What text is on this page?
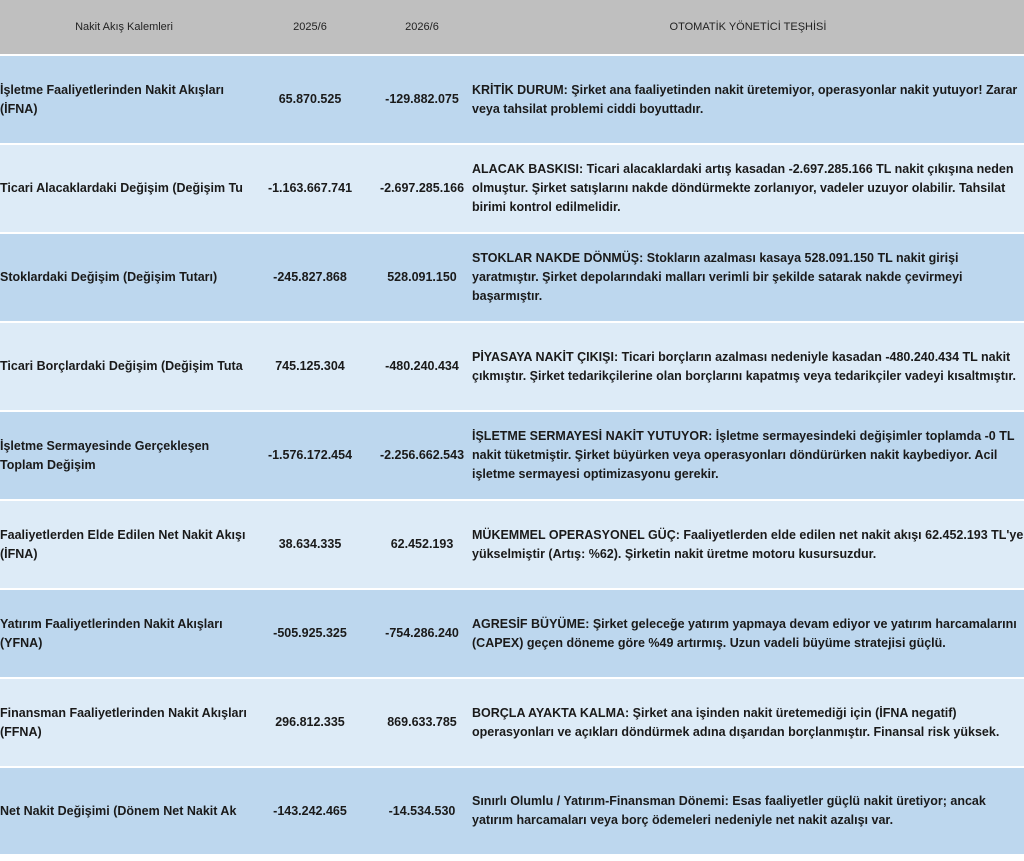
Nakit Akış Kalemleri	2025/6	2026/6	OTOMATİK YÖNETİCİ TEŞHİSİ
İşletme Faaliyetlerinden Nakit Akışları (İFNA)	65.870.525	-129.882.075	KRİTİK DURUM: Şirket ana faaliyetinden nakit üretemiyor, operasyonlar nakit yutuyor! Zarar veya tahsilat problemi ciddi boyuttadır.

Ticari Alacaklardaki Değişim (Değişim Tu	-1.163.667.741	-2.697.285.166	ALACAK BASKISI: Ticari alacaklardaki artış kasadan -2.697.285.166 TL nakit çıkışına neden olmuştur. Şirket satışlarını nakde döndürmekte zorlanıyor, vadeler uzuyor olabilir. Tahsilat birimi kontrol edilmelidir.
Stoklardaki Değişim (Değişim Tutarı)	-245.827.868	528.091.150	STOKLAR NAKDE DÖNMÜŞ: Stokların azalması kasaya 528.091.150 TL nakit girişi yaratmıştır. Şirket depolarındaki malları verimli bir şekilde satarak nakde çevirmeyi başarmıştır.

Ticari Borçlardaki Değişim (Değişim Tuta	745.125.304	-480.240.434	PİYASAYA NAKİT ÇIKIŞI: Ticari borçların azalması nedeniyle kasadan -480.240.434 TL nakit çıkmıştır. Şirket tedarikçilerine olan borçlarını kapatmış veya tedarikçiler vadeyi kısaltmıştır.
İşletme Sermayesinde Gerçekleşen Toplam Değişim	-1.576.172.454	-2.256.662.543	İŞLETME SERMAYESİ NAKİT YUTUYOR: İşletme sermayesindeki değişimler toplamda -0 TL nakit tüketmiştir. Şirket büyürken veya operasyonları döndürürken nakit kaybediyor. Acil işletme sermayesi optimizasyonu gerekir.
Faaliyetlerden Elde Edilen Net Nakit Akışı (İFNA)	38.634.335	62.452.193	MÜKEMMEL OPERASYONEL GÜÇ: Faaliyetlerden elde edilen net nakit akışı 62.452.193 TL'ye yükselmiştir (Artış: %62). Şirketin nakit üretme motoru kusursuzdur.
Yatırım Faaliyetlerinden Nakit Akışları (YFNA)	-505.925.325	-754.286.240	AGRESİF BÜYÜME: Şirket geleceğe yatırım yapmaya devam ediyor ve yatırım harcamalarını (CAPEX) geçen döneme göre %49 artırmış. Uzun vadeli büyüme stratejisi güçlü.
Finansman Faaliyetlerinden Nakit Akışları (FFNA)	296.812.335	869.633.785	BORÇLA AYAKTA KALMA: Şirket ana işinden nakit üretemediği için (İFNA negatif) operasyonları ve açıkları döndürmek adına dışarıdan borçlanmıştır. Finansal risk yüksek.

Net Nakit Değişimi (Dönem Net Nakit Ak	-143.242.465	-14.534.530	Sınırlı Olumlu / Yatırım-Finansman Dönemi: Esas faaliyetler güçlü nakit üretiyor; ancak yatırım harcamaları veya borç ödemeleri nedeniyle net nakit azalışı var.
